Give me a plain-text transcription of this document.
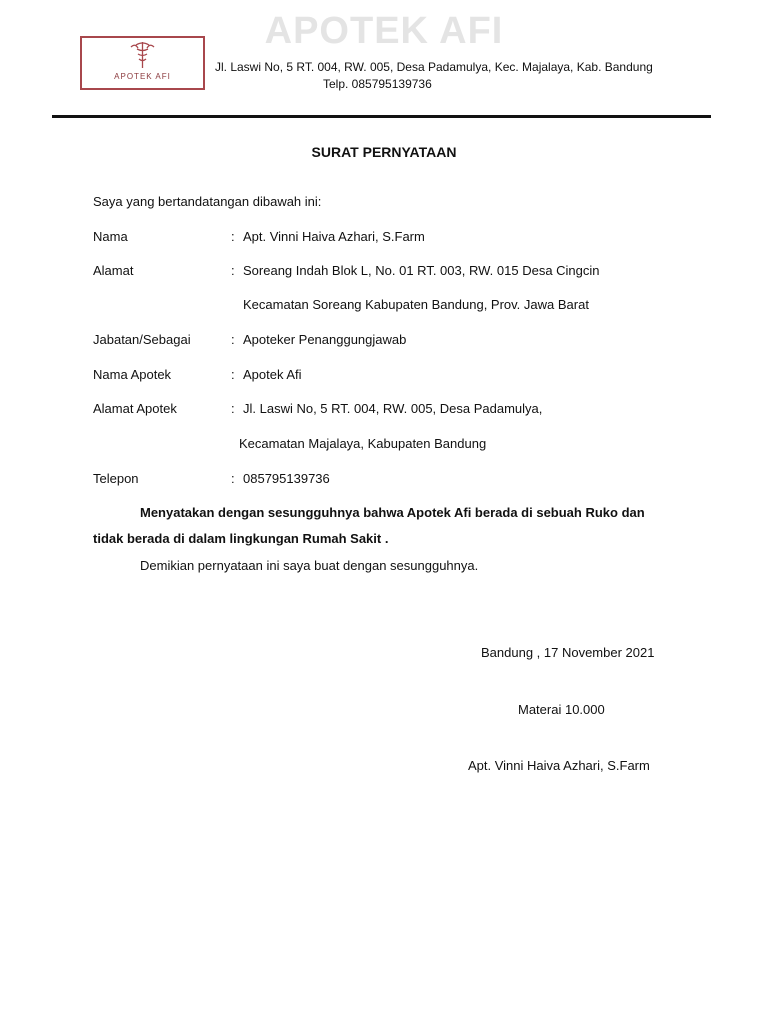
APOTEK AFI
APOTEK AFI
Jl. Laswi No, 5 RT. 004, RW. 005, Desa Padamulya, Kec. Majalaya, Kab. Bandung
Telp. 085795139736
SURAT PERNYATAAN
Saya yang bertandatangan dibawah ini:
Nama	: Apt. Vinni Haiva Azhari, S.Farm
Alamat	: Soreang Indah Blok L, No. 01 RT. 003, RW. 015 Desa Cingcin
Kecamatan Soreang Kabupaten Bandung, Prov. Jawa Barat
Jabatan/Sebagai	: Apoteker Penanggungjawab
Nama Apotek	: Apotek Afi
Alamat Apotek	: Jl. Laswi No, 5 RT. 004, RW. 005, Desa Padamulya,
Kecamatan Majalaya, Kabupaten Bandung
Telepon	: 085795139736
Menyatakan dengan sesungguhnya bahwa Apotek Afi berada di sebuah Ruko dan
tidak berada di dalam lingkungan Rumah Sakit .
Demikian pernyataan ini saya buat dengan sesungguhnya.
Bandung , 17 November 2021
Materai 10.000
Apt. Vinni Haiva Azhari, S.Farm
